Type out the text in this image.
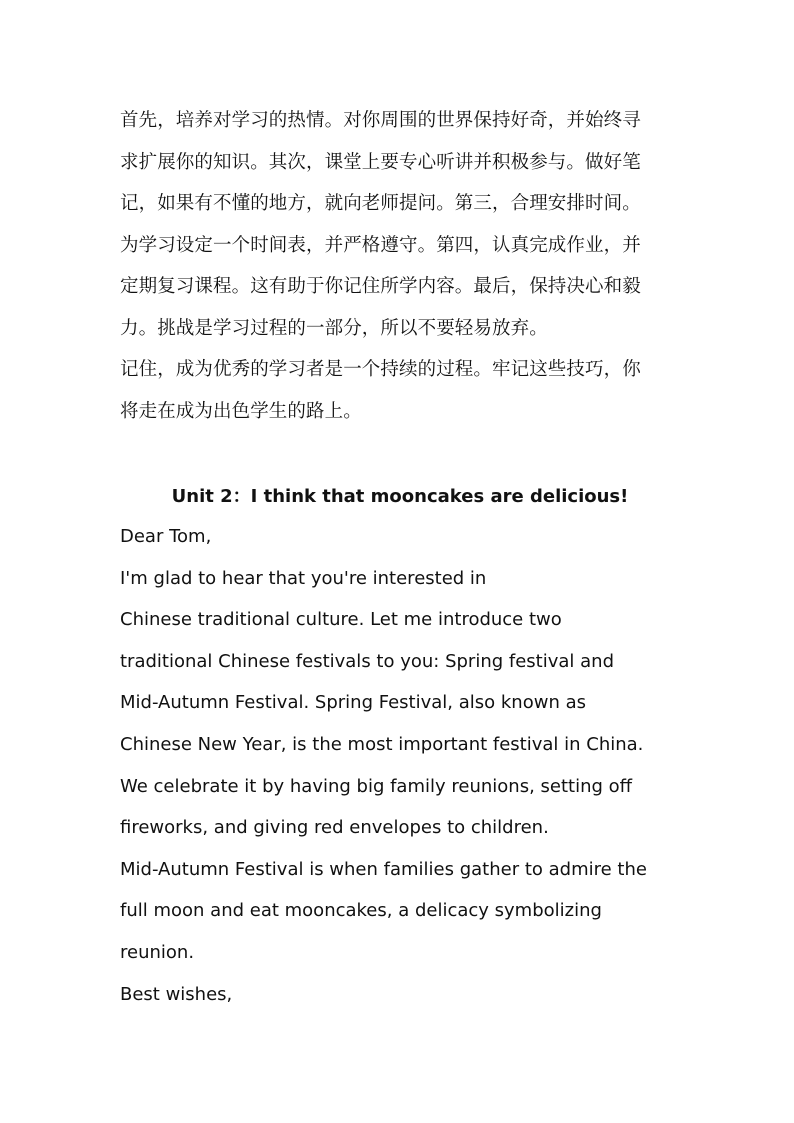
首先，培养对学习的热情。对你周围的世界保持好奇，并始终寻
求扩展你的知识。其次，课堂上要专心听讲并积极参与。做好笔
记，如果有不懂的地方，就向老师提问。第三，合理安排时间。
为学习设定一个时间表，并严格遵守。第四，认真完成作业，并
定期复习课程。这有助于你记住所学内容。最后，保持决心和毅
力。挑战是学习过程的一部分，所以不要轻易放弃。
记住，成为优秀的学习者是一个持续的过程。牢记这些技巧，你
将走在成为出色学生的路上。
Unit 2：I think that mooncakes are delicious!
Dear Tom,
I'm glad to hear that you're interested in
Chinese traditional culture. Let me introduce two
traditional Chinese festivals to you: Spring festival and
Mid-Autumn Festival. Spring Festival, also known as
Chinese New Year, is the most important festival in China.
We celebrate it by having big family reunions, setting off
fireworks, and giving red envelopes to children.
Mid-Autumn Festival is when families gather to admire the
full moon and eat mooncakes, a delicacy symbolizing
reunion.
Best wishes,
